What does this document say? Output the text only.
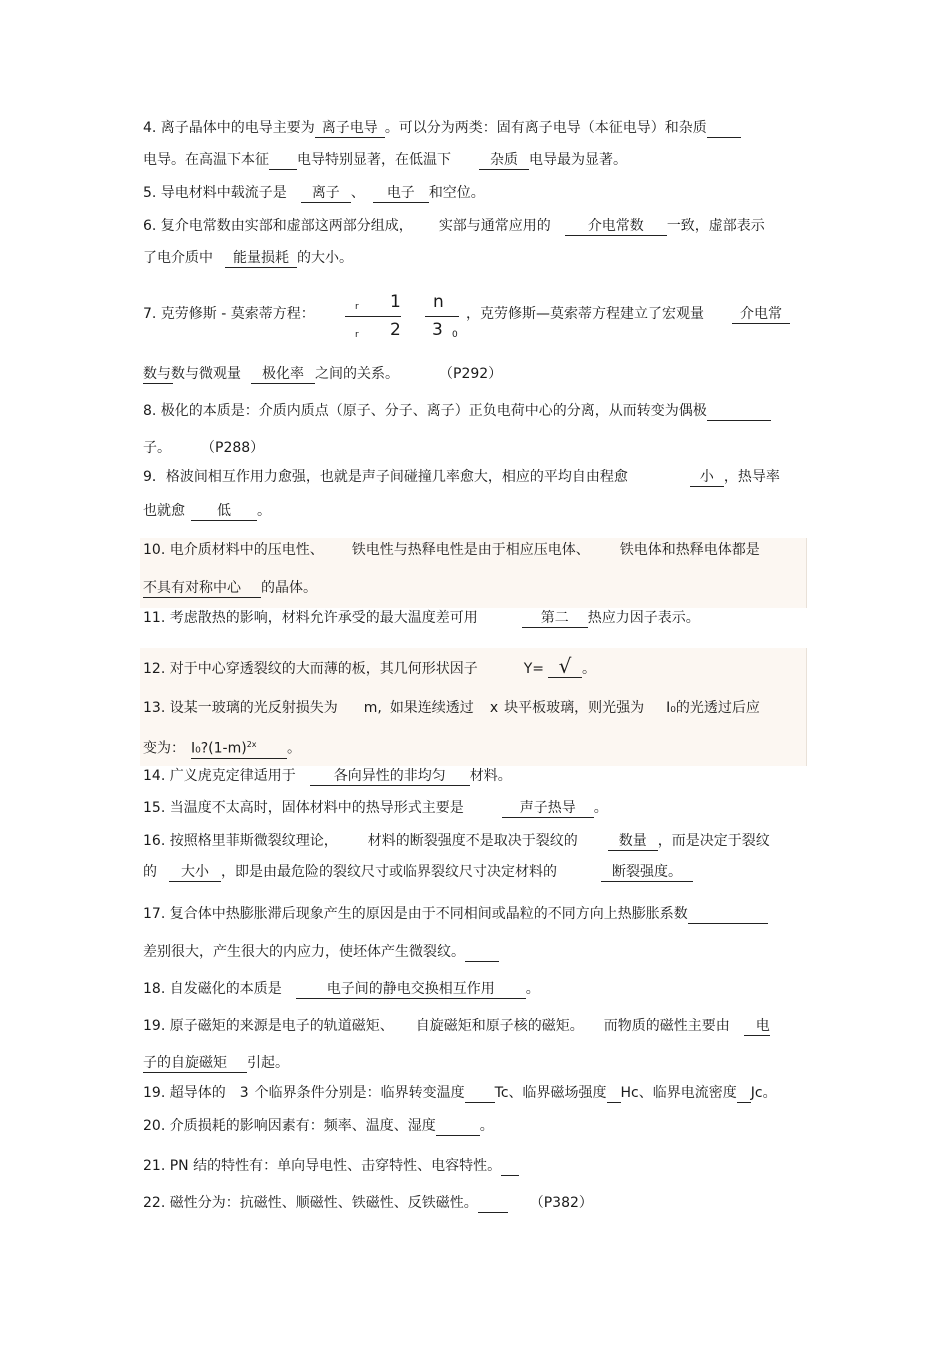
4. 离子晶体中的电导主要为 离子电导 。可以分为两类：固有离子电导（本征电导）和杂质
电导。在高温下本征 电导特别显著，在低温下	杂质 电导最为显著。
5. 导电材料中载流子是 离子 、 电子 和空位。
6. 复介电常数由实部和虚部这两部分组成， 实部与通常应用的	介电常数 一致，虚部表示
了电介质中 能量损耗 的大小。
7. 克劳修斯 - 莫索蒂方程：	r 1 n
r 2 3 0
，克劳修斯—莫索蒂方程建立了宏观量	介电常
数与数与微观量 极化率 之间的关系。	（P292）
8. 极化的本质是：介质内质点（原子、分子、离子）正负电荷中心的分离，从而转变为偶极
子。 （P288）
9．格波间相互作用力愈强，也就是声子间碰撞几率愈大，相应的平均自由程愈	小 ，热导率
也就愈 低 。
10. 电介质材料中的压电性、 铁电性与热释电性是由于相应压电体、 铁电体和热释电体都是
不具有对称中心 的晶体。
11. 考虑散热的影响，材料允许承受的最大温度差可用	第二 热应力因子表示。
12. 对于中心穿透裂纹的大而薄的板，其几何形状因子	Y= √ 。
13. 设某一玻璃的光反射损失为 m, 如果连续透过 x 块平板玻璃，则光强为 I₀的光透过后应
变为： $I_0?(1-m)^{2x}$ 。
14. 广义虎克定律适用于	各向异性的非均匀 材料。
15. 当温度不太高时，固体材料中的热导形式主要是	声子热导 。
16. 按照格里菲斯微裂纹理论， 材料的断裂强度不是取决于裂纹的	数量 ，而是决定于裂纹
的 大小 ，即是由最危险的裂纹尺寸或临界裂纹尺寸决定材料的	断裂强度。
17. 复合体中热膨胀滞后现象产生的原因是由于不同相间或晶粒的不同方向上热膨胀系数
差别很大，产生很大的内应力，使坯体产生微裂纹。
18. 自发磁化的本质是	电子间的静电交换相互作用 。
19. 原子磁矩的来源是电子的轨道磁矩、 自旋磁矩和原子核的磁矩。 而物质的磁性主要由 电
子的自旋磁矩 引起。
19. 超导体的 3 个临界条件分别是：临界转变温度 Tc、临界磁场强度 Hc、临界电流密度 Jc。
20. 介质损耗的影响因素有：频率、温度、湿度	。
21. PN 结的特性有：单向导电性、击穿特性、电容特性。
22. 磁性分为：抗磁性、顺磁性、铁磁性、反铁磁性。	（P382）
